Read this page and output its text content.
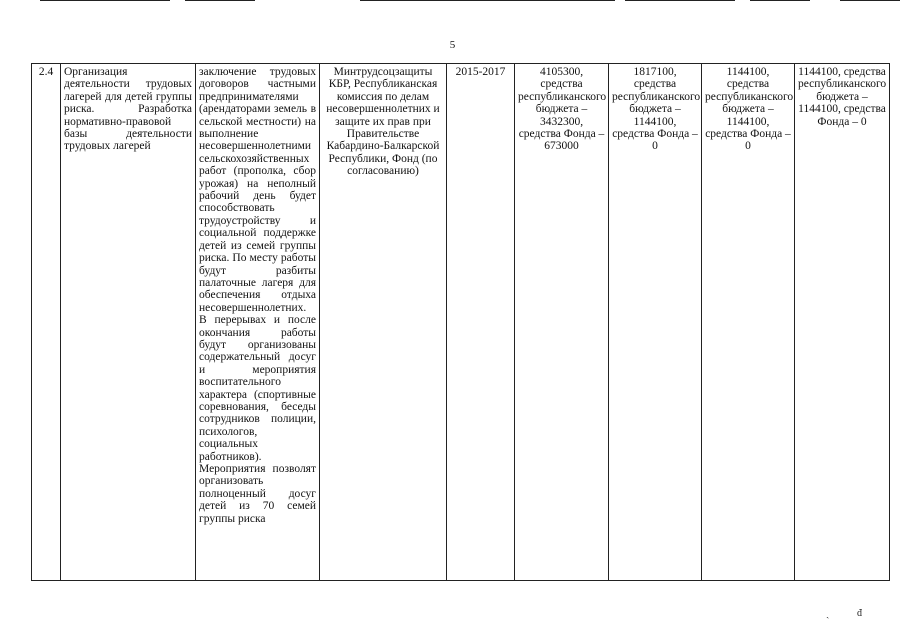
5
2.4	Организация деятельности трудовых лагерей для детей группы риска. Разработка нормативно-правовой базы деятельности трудовых лагерей	заключение трудовых договоров частными предпринимателями (арендаторами земель в сельской местности) на выполнение несовершеннолетними сельскохозяйственных работ (прополка, сбор урожая) на неполный рабочий день будет способствовать трудоустройству и социальной поддержке детей из семей группы риска. По месту работы будут разбиты палаточные лагеря для обеспечения отдыха несовершеннолетних. В перерывах и после окончания работы будут организованы содержательный досуг и мероприятия воспитательного характера (спортивные соревнования, беседы сотрудников полиции, психологов, социальных работников). Мероприятия позволят организовать полноценный досуг детей из 70 семей группы риска	Минтрудсоцзащиты КБР, Республиканская комиссия по делам несовершеннолетних и защите их прав при Правительстве Кабардино-Балкарской Республики, Фонд (по согласованию)	2015-2017	4105300, средства республиканского бюджета – 3432300, средства Фонда – 673000	1817100, средства республиканского бюджета – 1144100, средства Фонда – 0	1144100, средства республиканского бюджета – 1144100, средства Фонда – 0	1144100, средства республиканского бюджета – 1144100, средства Фонда – 0
ˏ	đ
